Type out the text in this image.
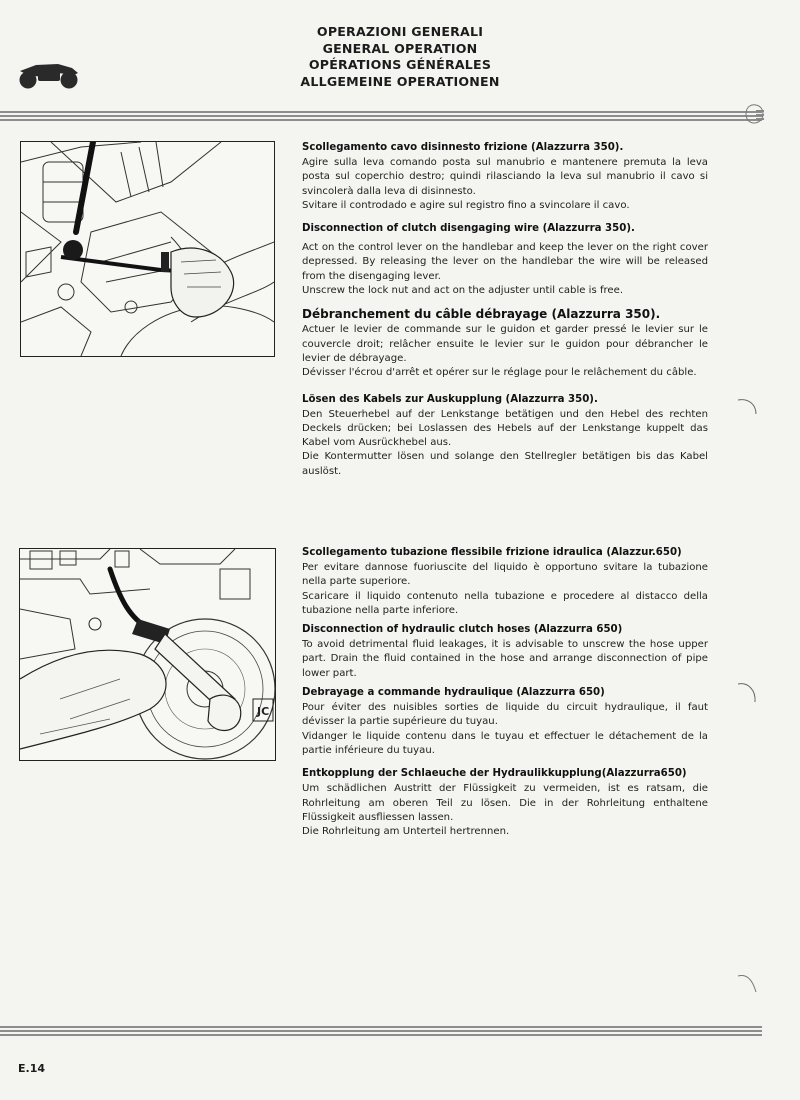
OPERAZIONI GENERALI
GENERAL OPERATION
OPÉRATIONS GÉNÉRALES
ALLGEMEINE OPERATIONEN
JC

Scollegamento cavo disinnesto frizione (Alazzurra 350).

Agire sulla leva comando posta sul manubrio e mantenere premuta la leva posta sul coperchio destro; quindi rilasciando la leva sul manubrio il cavo si svincolerà dalla leva di disinnesto.
Svitare il controdado e agire sul registro fino a svincolare il cavo.

Disconnection of clutch disengaging wire (Alazzurra 350).

Act on the control lever on the handlebar and keep the lever on the right cover depressed. By releasing the lever on the handlebar the wire will be released from the disengaging lever.
Unscrew the lock nut and act on the adjuster until cable is free.

Débranchement du câble débrayage (Alazzurra 350).

Actuer le levier de commande sur le guidon et garder pressé le levier sur le couvercle droit; relâcher ensuite le levier sur le guidon pour débrancher le levier de débrayage.
Dévisser l'écrou d'arrêt et opérer sur le réglage pour le relâchement du câble.

Lösen des Kabels zur Auskupplung (Alazzurra 350).

Den Steuerhebel auf der Lenkstange betätigen und den Hebel des rechten Deckels drücken; bei Loslassen des Hebels auf der Lenkstange kuppelt das Kabel vom Ausrückhebel aus.
Die Kontermutter lösen und solange den Stellregler betätigen bis das Kabel auslöst.

Scollegamento tubazione flessibile frizione idraulica (Alazzur.650)

Per evitare dannose fuoriuscite del liquido è opportuno svitare la tubazione nella parte superiore.
Scaricare il liquido contenuto nella tubazione e procedere al distacco della tubazione nella parte inferiore.

Disconnection of hydraulic clutch hoses (Alazzurra 650)

To avoid detrimental fluid leakages, it is advisable to unscrew the hose upper part. Drain the fluid contained in the hose and arrange disconnection of pipe lower part.

Debrayage a commande hydraulique (Alazzurra 650)

Pour éviter des nuisibles sorties de liquide du circuit hydraulique, il faut dévisser la partie supérieure du tuyau.
Vidanger le liquide contenu dans le tuyau et effectuer le détachement de la partie inférieure du tuyau.

Entkopplung der Schlaeuche der Hydraulikkupplung(Alazzurra650)

Um schädlichen Austritt der Flüssigkeit zu vermeiden, ist es ratsam, die Rohrleitung am oberen Teil zu lösen. Die in der Rohrleitung enthaltene Flüssigkeit ausfliessen lassen.
Die Rohrleitung am Unterteil hertrennen.

E.14
